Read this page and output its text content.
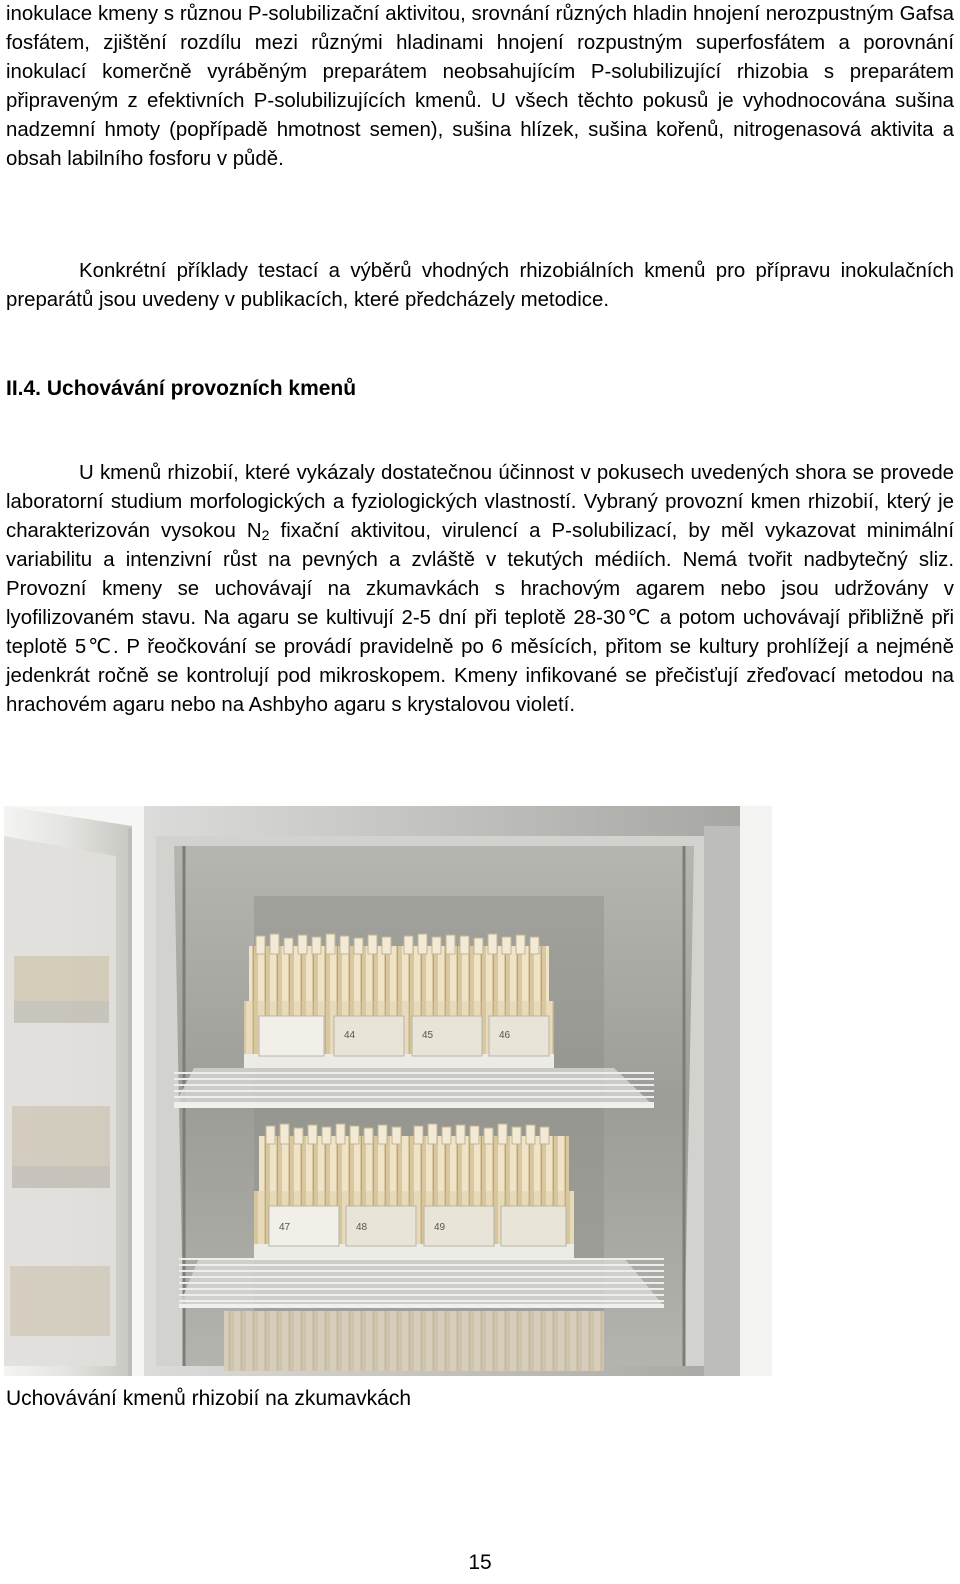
inokulace kmeny s různou P-solubilizační aktivitou, srovnání různých hladin hnojení nerozpustným Gafsa fosfátem, zjištění rozdílu mezi různými hladinami hnojení rozpustným superfosfátem a porovnání inokulací komerčně vyráběným preparátem neobsahujícím P-solubilizující rhizobia s preparátem připraveným z efektivních P-solubilizujících kmenů. U všech těchto pokusů je vyhodnocována sušina nadzemní hmoty (popřípadě hmotnost semen), sušina hlízek, sušina kořenů, nitrogenasová aktivita a obsah labilního fosforu v půdě.

Konkrétní příklady testací a výběrů vhodných rhizobiálních kmenů pro přípravu inokulačních preparátů jsou uvedeny v publikacích, které předcházely metodice.

II.4. Uchovávání provozních kmenů

U kmenů rhizobií, které vykázaly dostatečnou účinnost v pokusech uvedených shora se provede laboratorní studium morfologických a fyziologických vlastností. Vybraný provozní kmen rhizobií, který je charakterizován vysokou $N_2$ fixační aktivitou, virulencí a P-solubilizací, by měl vykazovat minimální variabilitu a intenzivní růst na pevných a zvláště v tekutých médiích. Nemá tvořit nadbytečný sliz. Provozní kmeny se uchovávají na zkumavkách s hrachovým agarem nebo jsou udržovány v lyofilizovaném stavu. Na agaru se kultivují 2-5 dní při teplotě 28-30℃ a potom uchovávají přibližně při teplotě 5℃. P řeočkování se provádí pravidelně po 6 měsících, přitom se kultury prohlížejí a nejméně jedenkrát ročně se kontrolují pod mikroskopem. Kmeny infikované se přečisťují zřeďovací metodou na hrachovém agaru nebo na Ashbyho agaru s krystalovou violetí.

44	45	46
47	48	49

Uchovávání kmenů rhizobií na zkumavkách

15
